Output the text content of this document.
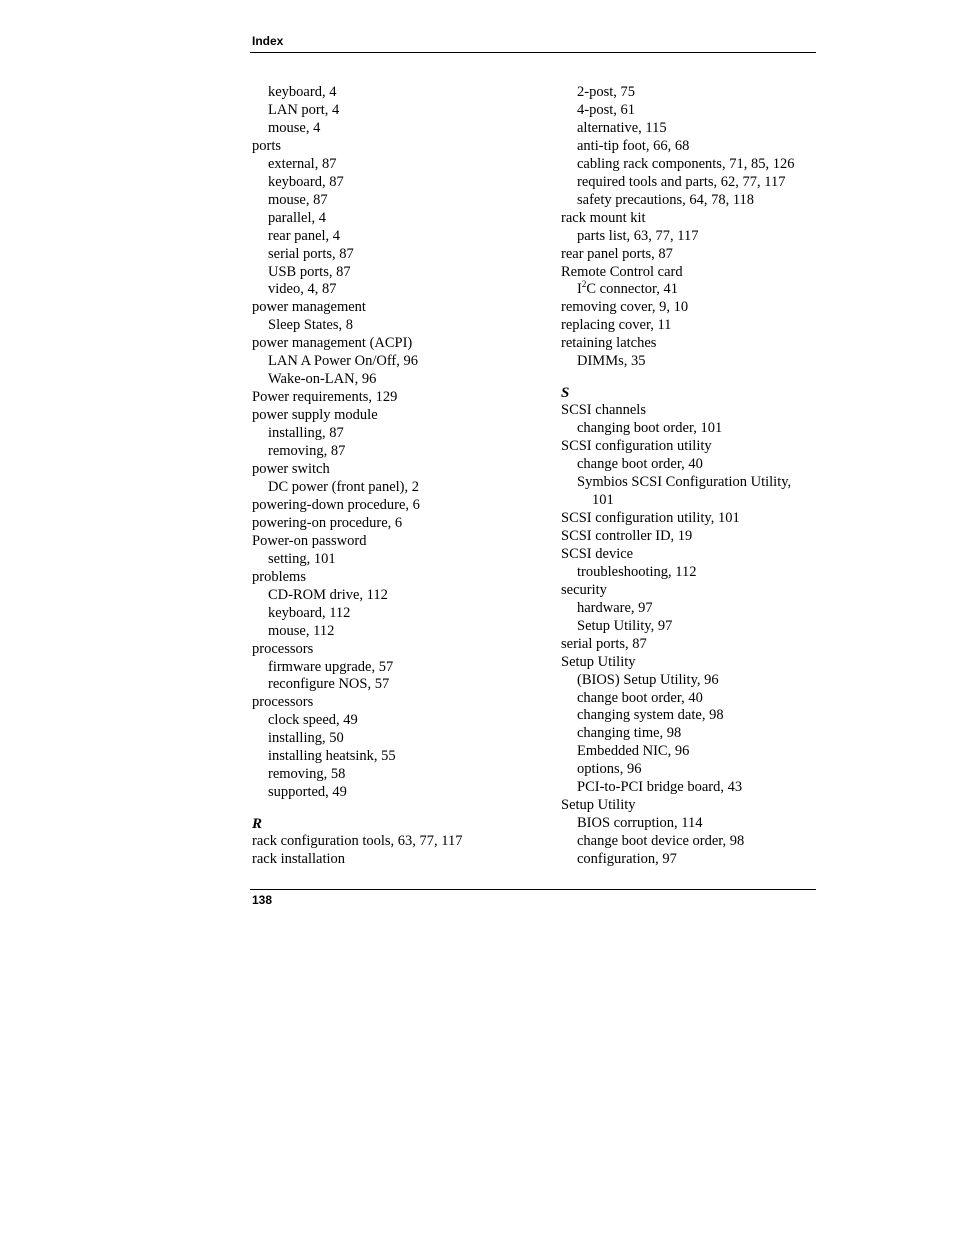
Index
keyboard, 4
LAN port, 4
mouse, 4
ports
external, 87
keyboard, 87
mouse, 87
parallel, 4
rear panel, 4
serial ports, 87
USB ports, 87
video, 4, 87
power management
Sleep States, 8
power management (ACPI)
LAN A Power On/Off, 96
Wake-on-LAN, 96
Power requirements, 129
power supply module
installing, 87
removing, 87
power switch
DC power (front panel), 2
powering-down procedure, 6
powering-on procedure, 6
Power-on password
setting, 101
problems
CD-ROM drive, 112
keyboard, 112
mouse, 112
processors
firmware upgrade, 57
reconfigure NOS, 57
processors
clock speed, 49
installing, 50
installing heatsink, 55
removing, 58
supported, 49
R
rack configuration tools, 63, 77, 117
rack installation
2-post, 75
4-post, 61
alternative, 115
anti-tip foot, 66, 68
cabling rack components, 71, 85, 126
required tools and parts, 62, 77, 117
safety precautions, 64, 78, 118
rack mount kit
parts list, 63, 77, 117
rear panel ports, 87
Remote Control card
$I^2C$ connector, 41
removing cover, 9, 10
replacing cover, 11
retaining latches
DIMMs, 35
S
SCSI channels
changing boot order, 101
SCSI configuration utility
change boot order, 40
Symbios SCSI Configuration Utility,
101
SCSI configuration utility, 101
SCSI controller ID, 19
SCSI device
troubleshooting, 112
security
hardware, 97
Setup Utility, 97
serial ports, 87
Setup Utility
(BIOS) Setup Utility, 96
change boot order, 40
changing system date, 98
changing time, 98
Embedded NIC, 96
options, 96
PCI-to-PCI bridge board, 43
Setup Utility
BIOS corruption, 114
change boot device order, 98
configuration, 97
138
